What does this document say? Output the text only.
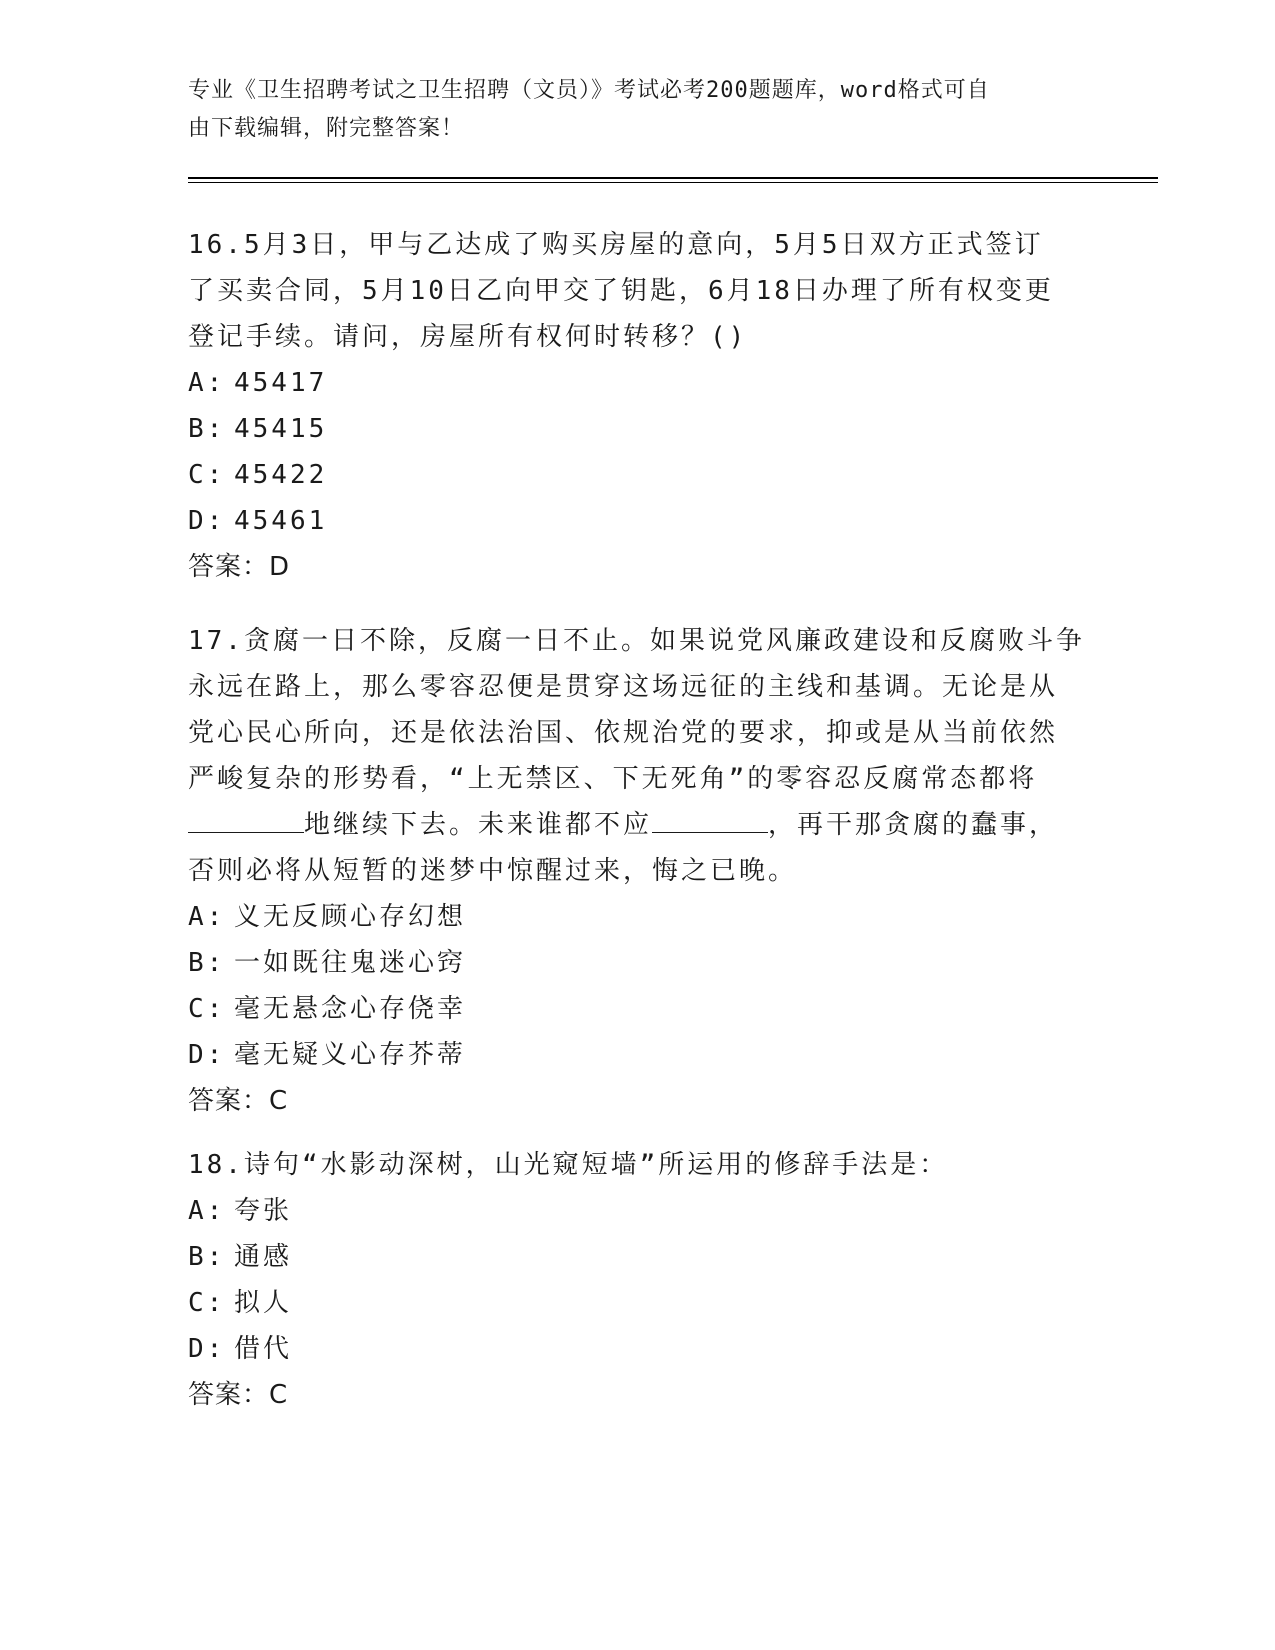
专业《卫生招聘考试之卫生招聘（文员）》考试必考200题题库，word格式可自
由下载编辑，附完整答案！

16.5月3日，甲与乙达成了购买房屋的意向，5月5日双方正式签订

了买卖合同，5月10日乙向甲交了钥匙，6月18日办理了所有权变更

登记手续。请问，房屋所有权何时转移？()

A: 45417

B: 45415

C: 45422

D: 45461

答案：D

17.贪腐一日不除，反腐一日不止。如果说党风廉政建设和反腐败斗争

永远在路上，那么零容忍便是贯穿这场远征的主线和基调。无论是从

党心民心所向，还是依法治国、依规治党的要求，抑或是从当前依然

严峻复杂的形势看，“上无禁区、下无死角”的零容忍反腐常态都将

地继续下去。未来谁都不应	，再干那贪腐的蠢事，

否则必将从短暂的迷梦中惊醒过来，悔之已晚。

A: 义无反顾心存幻想

B: 一如既往鬼迷心窍

C: 毫无悬念心存侥幸

D: 毫无疑义心存芥蒂

答案：C

18.诗句“水影动深树，山光窥短墙”所运用的修辞手法是：

A: 夸张

B: 通感

C: 拟人

D: 借代

答案：C
